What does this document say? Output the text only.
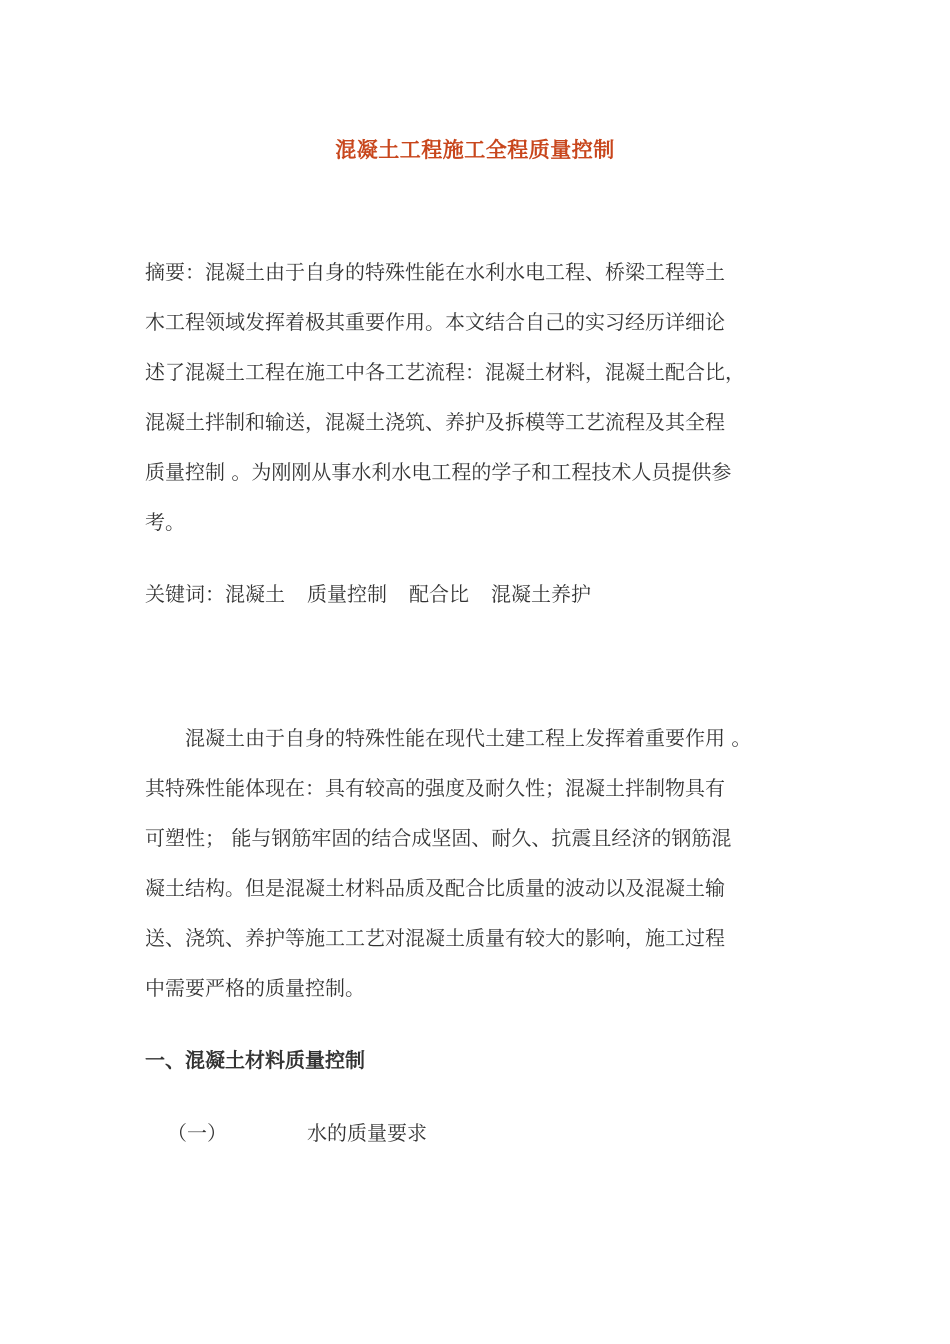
混凝土工程施工全程质量控制
摘要：混凝土由于自身的特殊性能在水利水电工程、桥梁工程等土
木工程领域发挥着极其重要作用。本文结合自己的实习经历详细论
述了混凝土工程在施工中各工艺流程：混凝土材料，混凝土配合比，
混凝土拌制和输送，混凝土浇筑、养护及拆模等工艺流程及其全程
质量控制 。为刚刚从事水利水电工程的学子和工程技术人员提供参
考。
关键词：混凝土 质量控制 配合比 混凝土养护
　　混凝土由于自身的特殊性能在现代土建工程上发挥着重要作用 。
其特殊性能体现在：具有较高的强度及耐久性；混凝土拌制物具有
可塑性； 能与钢筋牢固的结合成坚固、耐久、抗震且经济的钢筋混
凝土结构。但是混凝土材料品质及配合比质量的波动以及混凝土输
送、浇筑、养护等施工工艺对混凝土质量有较大的影响，施工过程
中需要严格的质量控制。
一、混凝土材料质量控制
（一）	水的质量要求
